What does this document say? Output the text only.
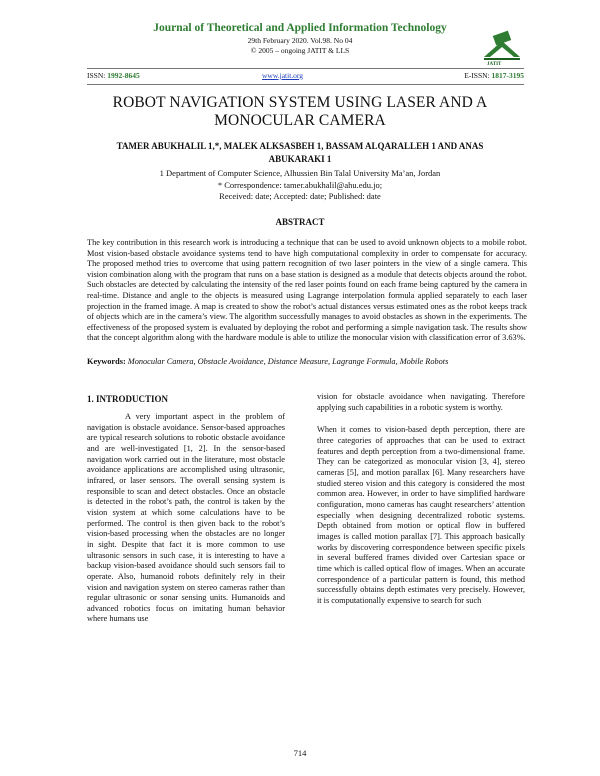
Journal of Theoretical and Applied Information Technology
29th February 2020. Vol.98. No 04
© 2005 – ongoing JATIT & LLS
JATIT
ISSN: 1992-8645	www.jatit.org	E-ISSN: 1817-3195
ROBOT NAVIGATION SYSTEM USING LASER AND A
MONOCULAR CAMERA
TAMER ABUKHALIL 1,*, MALEK ALKSASBEH 1, BASSAM ALQARALLEH 1 AND ANAS
ABUKARAKI 1
1 Department of Computer Science, Alhussien Bin Talal University Ma’an, Jordan
* Correspondence: tamer.abukhalil@ahu.edu.jo;
Received: date; Accepted: date; Published: date
ABSTRACT
The key contribution in this research work is introducing a technique that can be used to avoid unknown objects to a mobile robot. Most vision-based obstacle avoidance systems tend to have high computational complexity in order to compensate for accuracy. The proposed method tries to overcome that using pattern recognition of two laser pointers in the view of a single camera. This vision combination along with the program that runs on a base station is designed as a module that detects objects around the robot. Such obstacles are detected by calculating the intensity of the red laser points found on each frame being captured by the camera in real-time. Distance and angle to the objects is measured using Lagrange interpolation formula applied separately to each laser projection in the framed image. A map is created to show the robot’s actual distances versus estimated ones as the robot keeps track of objects which are in the camera’s view. The algorithm successfully manages to avoid obstacles as shown in the experiments. The effectiveness of the proposed system is evaluated by deploying the robot and performing a simple navigation task. The results show that the concept algorithm along with the hardware module is able to utilize the monocular vision with classification error of 3.63%.
Keywords: Monocular Camera, Obstacle Avoidance, Distance Measure, Lagrange Formula, Mobile Robots
1. INTRODUCTION

A very important aspect in the problem of navigation is obstacle avoidance. Sensor-based approaches are typical research solutions to robotic obstacle avoidance and are well-investigated [1, 2]. In the sensor-based navigation work carried out in the literature, most obstacle avoidance applications are accomplished using ultrasonic, infrared, or laser sensors. The overall sensing system is responsible to scan and detect obstacles. Once an obstacle is detected in the robot’s path, the control is taken by the vision system at which some calculations have to be performed. The control is then given back to the robot’s vision-based processing when the obstacles are no longer in sight. Despite that fact it is more common to use ultrasonic sensors in such case, it is interesting to have a backup vision-based avoidance should such sensors fail to operate. Also, humanoid robots definitely rely in their vision and navigation system on stereo cameras rather than regular ultrasonic or sonar sensing units. Humanoids and advanced robotics focus on imitating human behavior where humans use

vision for obstacle avoidance when navigating. Therefore applying such capabilities in a robotic system is worthy.

When it comes to vision-based depth perception, there are three categories of approaches that can be used to extract features and depth perception from a two-dimensional frame. They can be categorized as monocular vision [3, 4], stereo cameras [5], and motion parallax [6]. Many researchers have studied stereo vision and this category is considered the most common area. However, in order to have simplified hardware configuration, mono cameras has caught researchers’ attention especially when designing decentralized robotic systems. Depth obtained from motion or optical flow in buffered images is called motion parallax [7]. This approach basically works by discovering correspondence between specific pixels in several buffered frames divided over Cartesian space or time which is called optical flow of images. When an accurate correspondence of a particular pattern is found, this method successfully obtains depth estimates very precisely. However, it is computationally expensive to search for such

714
